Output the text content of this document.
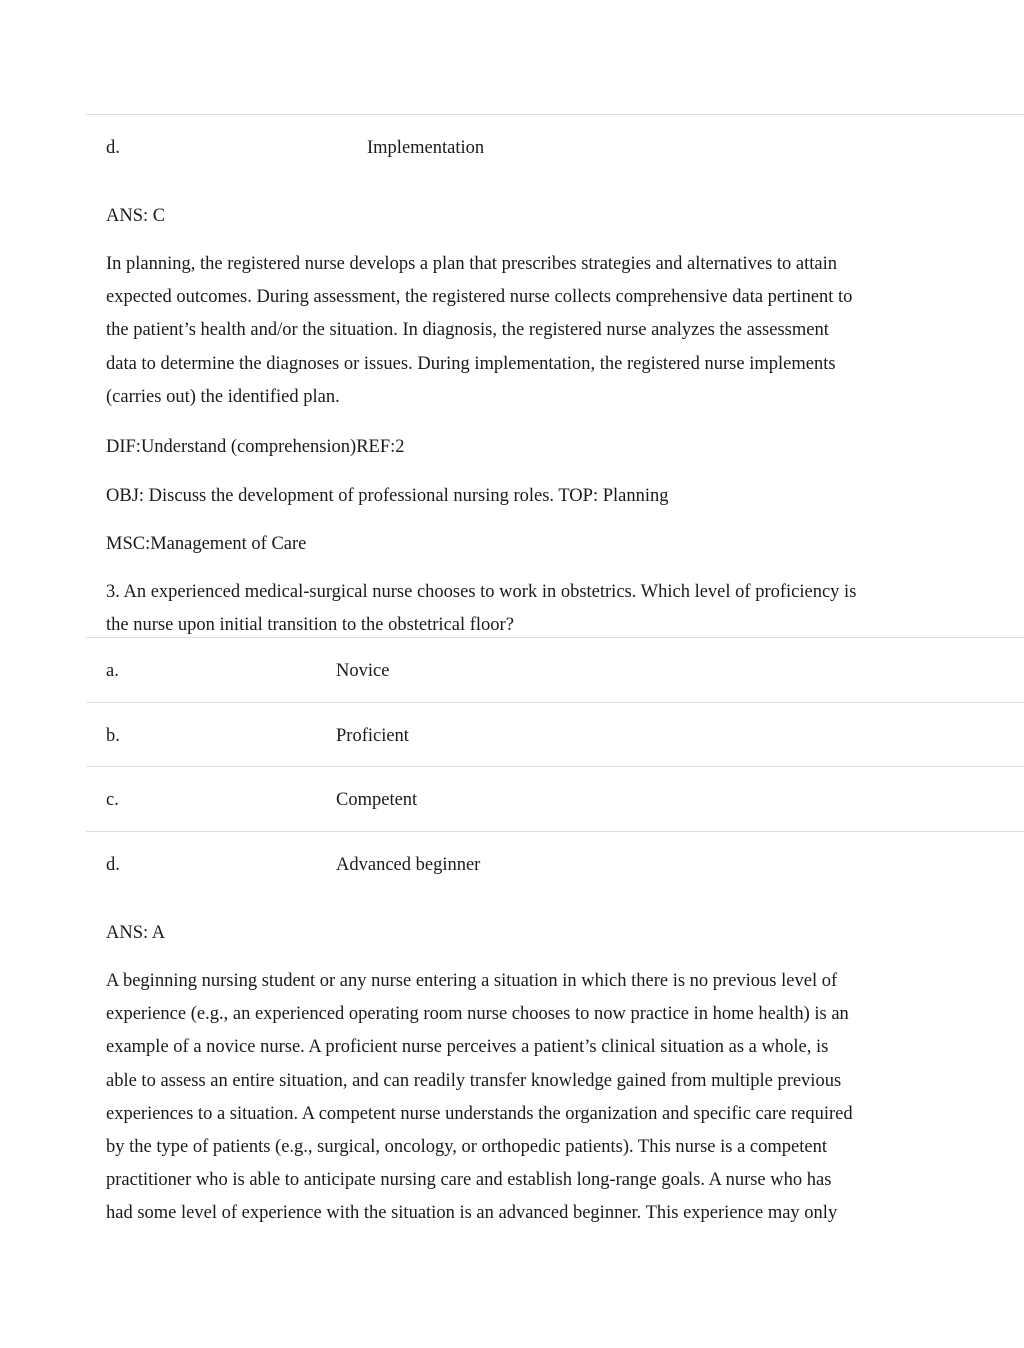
d.	Implementation
ANS: C
In planning, the registered nurse develops a plan that prescribes strategies and alternatives to attain
expected outcomes. During assessment, the registered nurse collects comprehensive data pertinent to
the patient’s health and/or the situation. In diagnosis, the registered nurse analyzes the assessment
data to determine the diagnoses or issues. During implementation, the registered nurse implements
(carries out) the identified plan.
DIF:Understand (comprehension)REF:2
OBJ: Discuss the development of professional nursing roles. TOP: Planning
MSC:Management of Care
3. An experienced medical-surgical nurse chooses to work in obstetrics. Which level of proficiency is
the nurse upon initial transition to the obstetrical floor?
a.	Novice
b.	Proficient
c.	Competent
d.	Advanced beginner
ANS: A
A beginning nursing student or any nurse entering a situation in which there is no previous level of
experience (e.g., an experienced operating room nurse chooses to now practice in home health) is an
example of a novice nurse. A proficient nurse perceives a patient’s clinical situation as a whole, is
able to assess an entire situation, and can readily transfer knowledge gained from multiple previous
experiences to a situation. A competent nurse understands the organization and specific care required
by the type of patients (e.g., surgical, oncology, or orthopedic patients). This nurse is a competent
practitioner who is able to anticipate nursing care and establish long-range goals. A nurse who has
had some level of experience with the situation is an advanced beginner. This experience may only
